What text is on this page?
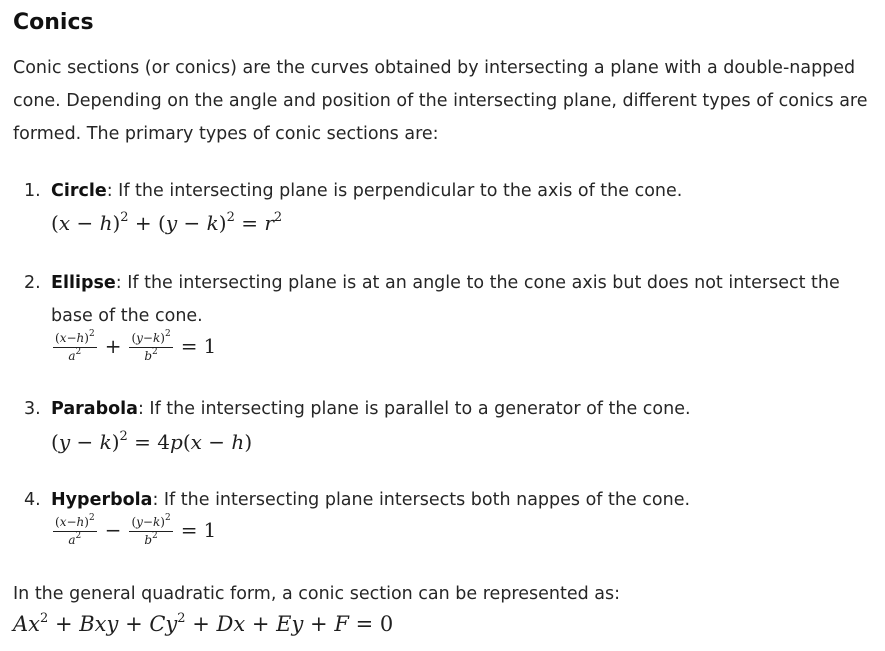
Conics

Conic sections (or conics) are the curves obtained by intersecting a plane with a double-napped cone. Depending on the angle and position of the intersecting plane, different types of conics are formed. The primary types of conic sections are:

1. Circle: If the intersecting plane is perpendicular to the axis of the cone.
$(x - h)^2 + (y - k)^2 = r^2$
2. Ellipse: If the intersecting plane is at an angle to the cone axis but does not intersect the base of the cone.
$\frac{(x-h)^2}{a^2} + \frac{(y-k)^2}{b^2} = 1$
3. Parabola: If the intersecting plane is parallel to a generator of the cone.
$(y - k)^2 = 4p(x - h)$
4. Hyperbola: If the intersecting plane intersects both nappes of the cone.
$\frac{(x-h)^2}{a^2} - \frac{(y-k)^2}{b^2} = 1$

In the general quadratic form, a conic section can be represented as:

$Ax^2$ + Bxy + $Cy^2 + Dx + Ey + F = 0$
